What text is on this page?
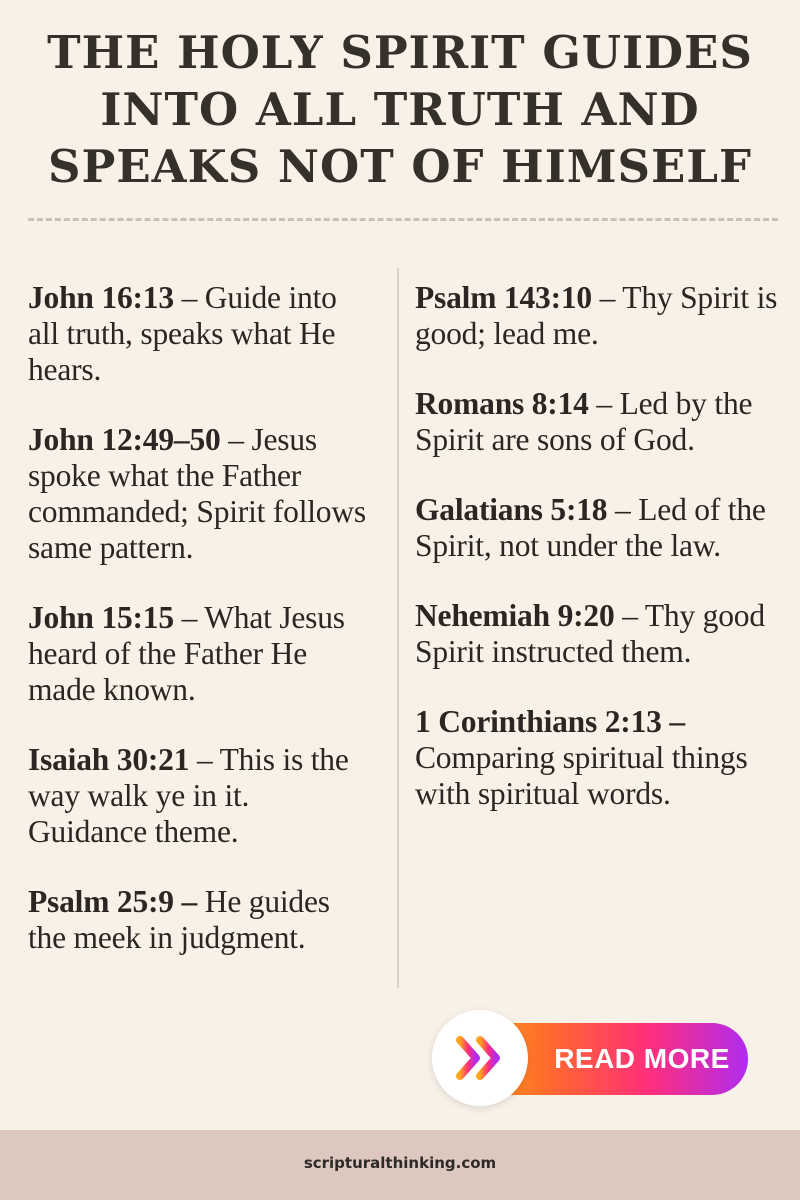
THE HOLY SPIRIT GUIDES INTO ALL TRUTH AND SPEAKS NOT OF HIMSELF

John 16:13 – Guide into all truth, speaks what He hears.

John 12:49–50 – Jesus spoke what the Father commanded; Spirit follows same pattern.

John 15:15 – What Jesus heard of the Father He made known.

Isaiah 30:21 – This is the way walk ye in it. Guidance theme.

Psalm 25:9 – He guides the meek in judgment.

Psalm 143:10 – Thy Spirit is good; lead me.

Romans 8:14 – Led by the Spirit are sons of God.

Galatians 5:18 – Led of the Spirit, not under the law.

Nehemiah 9:20 – Thy good Spirit instructed them.

1 Corinthians 2:13 – Comparing spiritual things with spiritual words.

READ MORE
scripturalthinking.com
